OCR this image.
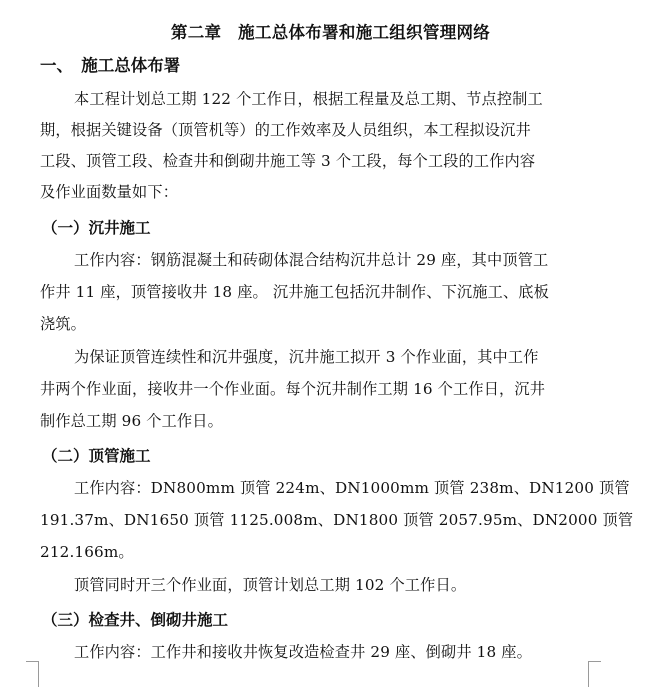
第二章　施工总体布署和施工组织管理网络
一、　施工总体布署
本工程计划总工期 122 个工作日，根据工程量及总工期、节点控制工
期，根据关键设备（顶管机等）的工作效率及人员组织，本工程拟设沉井
工段、顶管工段、检查井和倒砌井施工等 3 个工段，每个工段的工作内容
及作业面数量如下：
（一）沉井施工
工作内容：钢筋混凝土和砖砌体混合结构沉井总计 29 座，其中顶管工
作井 11 座，顶管接收井 18 座。 沉井施工包括沉井制作、下沉施工、底板
浇筑。
为保证顶管连续性和沉井强度，沉井施工拟开 3 个作业面，其中工作
井两个作业面，接收井一个作业面。每个沉井制作工期 16 个工作日，沉井
制作总工期 96 个工作日。
（二）顶管施工
工作内容：DN800mm 顶管 224m、DN1000mm 顶管 238m、DN1200 顶管
191.37m、DN1650 顶管 1125.008m、DN1800 顶管 2057.95m、DN2000 顶管
212.166m。
顶管同时开三个作业面，顶管计划总工期 102 个工作日。
（三）检查井、倒砌井施工
工作内容：工作井和接收井恢复改造检查井 29 座、倒砌井 18 座。
